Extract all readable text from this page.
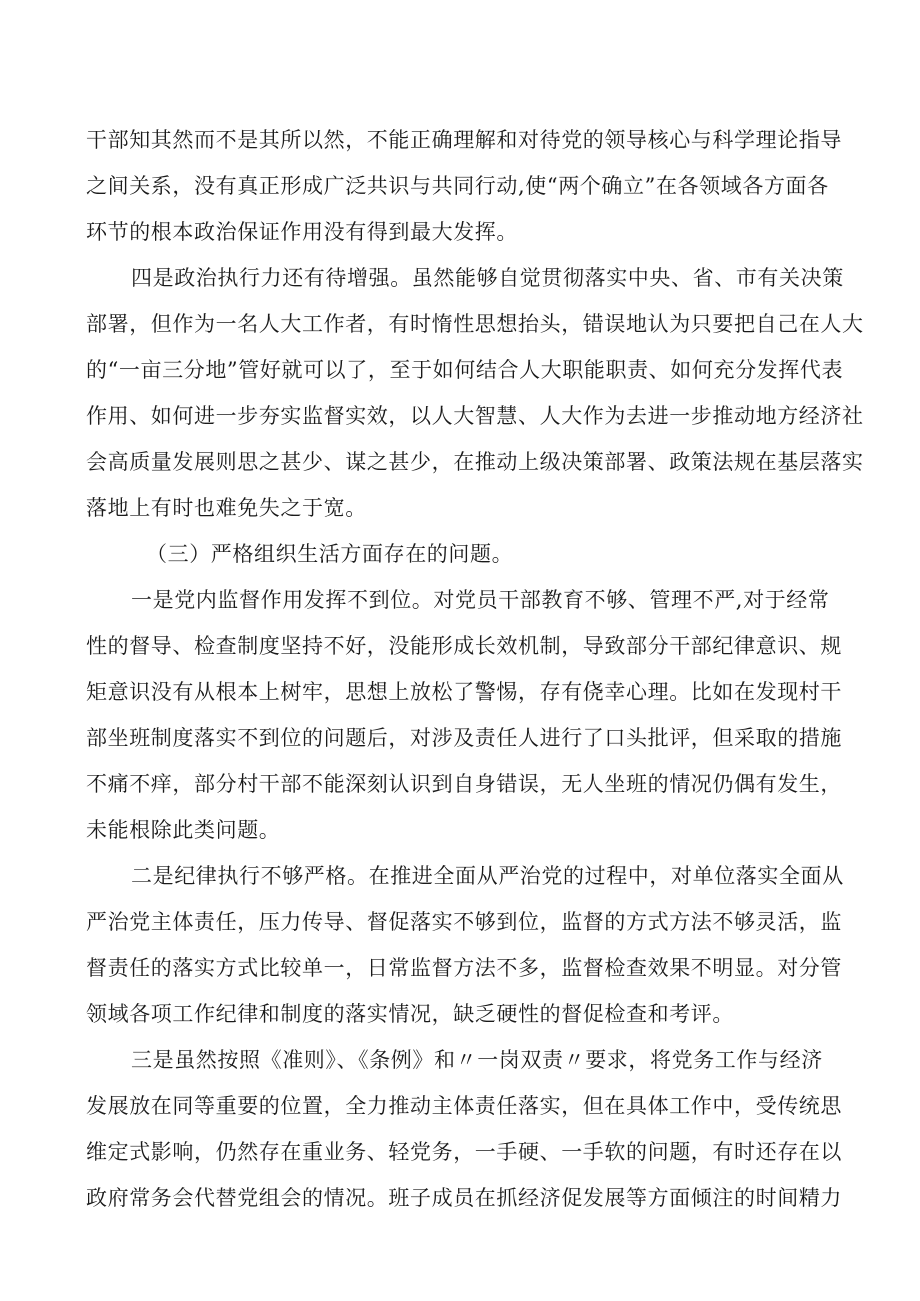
干部知其然而不是其所以然，不能正确理解和对待党的领导核心与科学理论指导

之间关系，没有真正形成广泛共识与共同行动,使“两个确立”在各领域各方面各

环节的根本政治保证作用没有得到最大发挥。

四是政治执行力还有待增强。虽然能够自觉贯彻落实中央、省、市有关决策

部署，但作为一名人大工作者，有时惰性思想抬头，错误地认为只要把自己在人大

的“一亩三分地”管好就可以了，至于如何结合人大职能职责、如何充分发挥代表

作用、如何进一步夯实监督实效，以人大智慧、人大作为去进一步推动地方经济社

会高质量发展则思之甚少、谋之甚少，在推动上级决策部署、政策法规在基层落实

落地上有时也难免失之于宽。

（三）严格组织生活方面存在的问题。

一是党内监督作用发挥不到位。对党员干部教育不够、管理不严,对于经常

性的督导、检查制度坚持不好，没能形成长效机制，导致部分干部纪律意识、规

矩意识没有从根本上树牢，思想上放松了警惕，存有侥幸心理。比如在发现村干

部坐班制度落实不到位的问题后，对涉及责任人进行了口头批评，但采取的措施

不痛不痒，部分村干部不能深刻认识到自身错误，无人坐班的情况仍偶有发生，

未能根除此类问题。

二是纪律执行不够严格。在推进全面从严治党的过程中，对单位落实全面从

严治党主体责任，压力传导、督促落实不够到位，监督的方式方法不够灵活，监

督责任的落实方式比较单一，日常监督方法不多，监督检查效果不明显。对分管

领域各项工作纪律和制度的落实情况，缺乏硬性的督促检查和考评。

三是虽然按照《准则》、《条例》和〃一岗双责〃要求，将党务工作与经济

发展放在同等重要的位置，全力推动主体责任落实，但在具体工作中，受传统思

维定式影响，仍然存在重业务、轻党务，一手硬、一手软的问题，有时还存在以

政府常务会代替党组会的情况。班子成员在抓经济促发展等方面倾注的时间精力
